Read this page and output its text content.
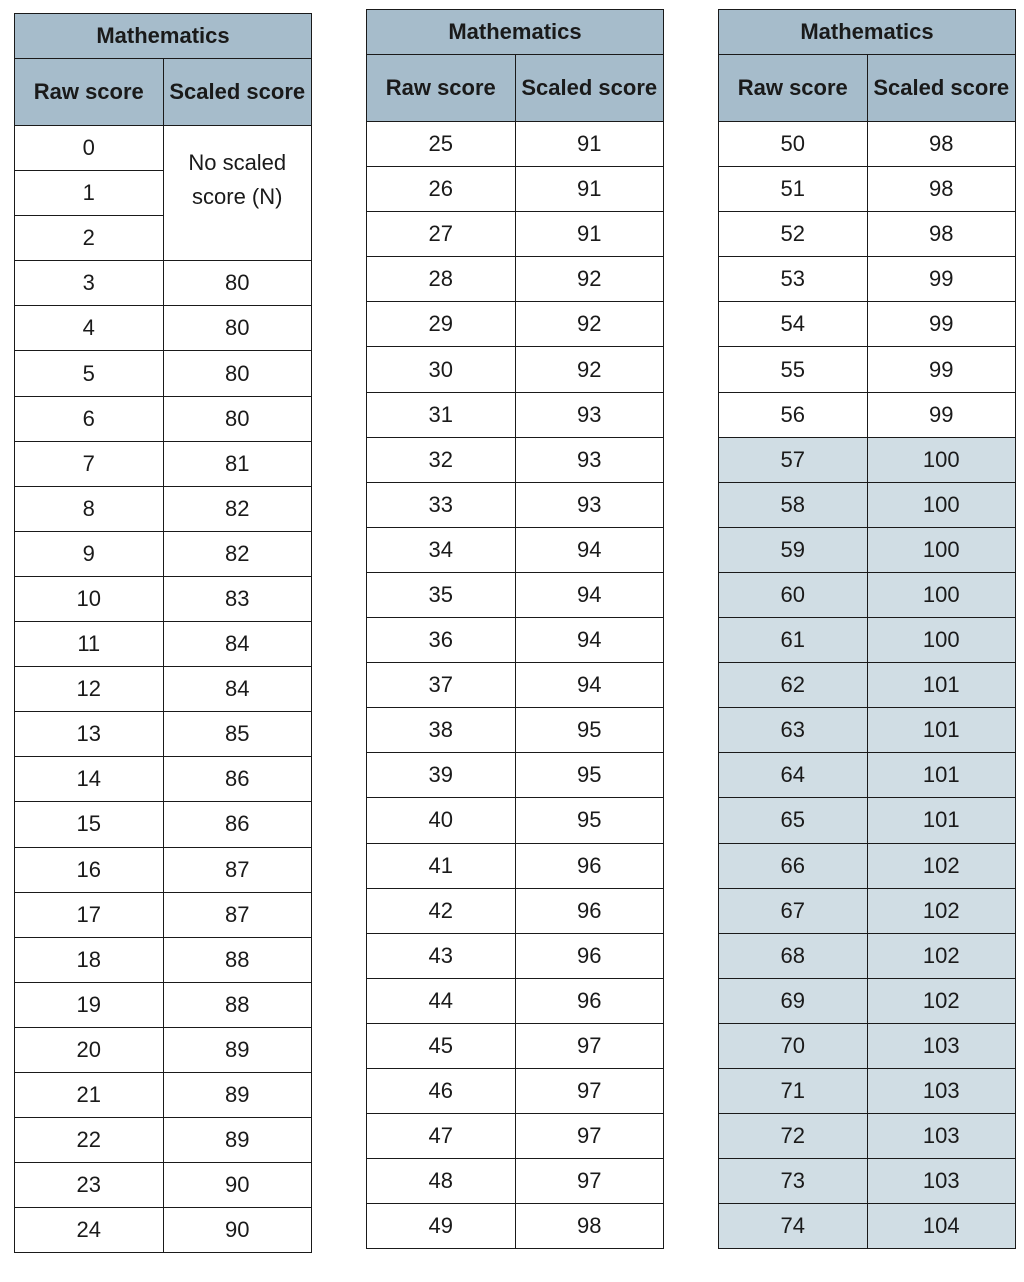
Mathematics	
Raw score	Scaled score
0	No scaled score (N)
1	
2	
3	80
4	80
5	80
6	80
7	81
8	82
9	82
10	83
11	84
12	84
13	85
14	86
15	86
16	87
17	87
18	88
19	88
20	89
21	89
22	89
23	90
24	90
Mathematics	
Raw score	Scaled score
25	91
26	91
27	91
28	92
29	92
30	92
31	93
32	93
33	93
34	94
35	94
36	94
37	94
38	95
39	95
40	95
41	96
42	96
43	96
44	96
45	97
46	97
47	97
48	97
49	98
Mathematics	
Raw score	Scaled score
50	98
51	98
52	98
53	99
54	99
55	99
56	99
57	100
58	100
59	100
60	100
61	100
62	101
63	101
64	101
65	101
66	102
67	102
68	102
69	102
70	103
71	103
72	103
73	103
74	104
